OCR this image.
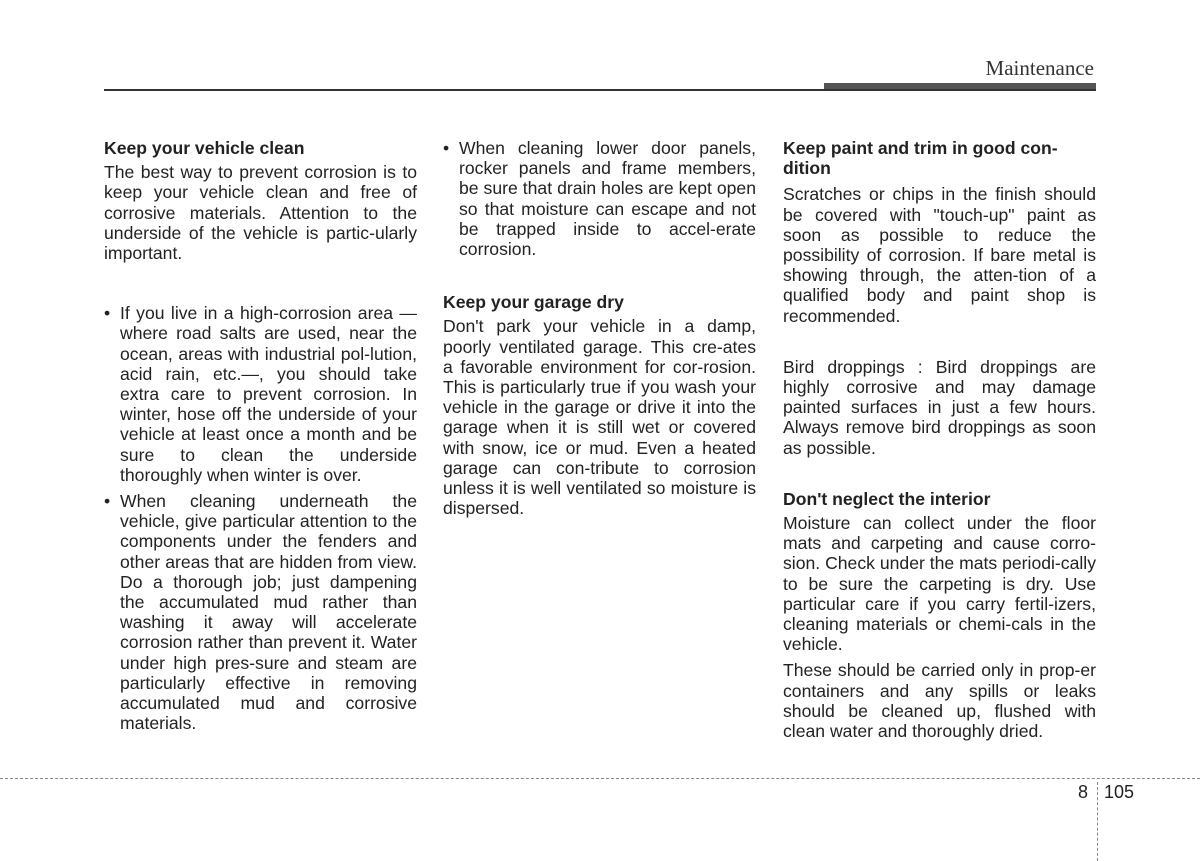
Maintenance
Keep your vehicle clean

The best way to prevent corrosion is to keep your vehicle clean and free of corrosive materials. Attention to the underside of the vehicle is partic-ularly important.

• If you live in a high-corrosion area — where road salts are used, near the ocean, areas with industrial pol-lution, acid rain, etc.—, you should take extra care to prevent corrosion. In winter, hose off the underside of your vehicle at least once a month and be sure to clean the underside thoroughly when winter is over.
• When cleaning underneath the vehicle, give particular attention to the components under the fenders and other areas that are hidden from view. Do a thorough job; just dampening the accumulated mud rather than washing it away will accelerate corrosion rather than prevent it. Water under high pres-sure and steam are particularly effective in removing accumulated mud and corrosive materials.
• When cleaning lower door panels, rocker panels and frame members, be sure that drain holes are kept open so that moisture can escape and not be trapped inside to accel-erate corrosion.
Keep your garage dry

Don't park your vehicle in a damp, poorly ventilated garage. This cre-ates a favorable environment for cor-rosion. This is particularly true if you wash your vehicle in the garage or drive it into the garage when it is still wet or covered with snow, ice or mud. Even a heated garage can con-tribute to corrosion unless it is well ventilated so moisture is dispersed.

Keep paint and trim in good con-dition

Scratches or chips in the finish should be covered with "touch-up" paint as soon as possible to reduce the possibility of corrosion. If bare metal is showing through, the atten-tion of a qualified body and paint shop is recommended.

Bird droppings : Bird droppings are highly corrosive and may damage painted surfaces in just a few hours. Always remove bird droppings as soon as possible.

Don't neglect the interior

Moisture can collect under the floor mats and carpeting and cause corro-sion. Check under the mats periodi-cally to be sure the carpeting is dry. Use particular care if you carry fertil-izers, cleaning materials or chemi-cals in the vehicle.

These should be carried only in prop-er containers and any spills or leaks should be cleaned up, flushed with clean water and thoroughly dried.

8 105
